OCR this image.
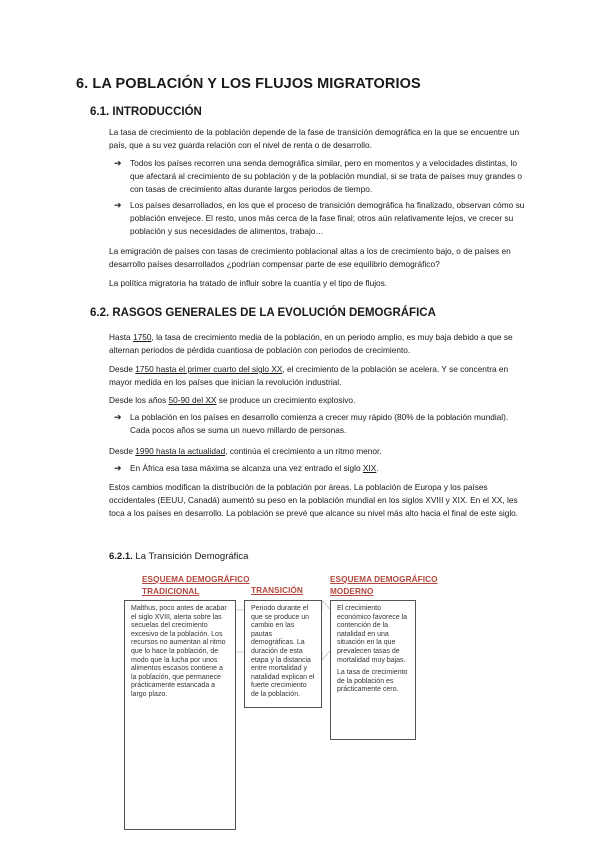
6. LA POBLACIÓN Y LOS FLUJOS MIGRATORIOS
6.1. INTRODUCCIÓN

La tasa de crecimiento de la población depende de la fase de transición demográfica en la que se encuentre un país, que a su vez guarda relación con el nivel de renta o de desarrollo.

➔ Todos los países recorren una senda demográfica similar, pero en momentos y a velocidades distintas, lo que afectará al crecimiento de su población y de la población mundial, si se trata de países muy grandes o con tasas de crecimiento altas durante largos periodos de tiempo.
➔ Los países desarrollados, en los que el proceso de transición demográfica ha finalizado, observan cómo su población envejece. El resto, unos más cerca de la fase final; otros aún relativamente lejos, ve crecer su población y sus necesidades de alimentos, trabajo…

La emigración de países con tasas de crecimiento poblacional altas a los de crecimiento bajo, o de países en desarrollo países desarrollados ¿podrían compensar parte de ese equilibrio demográfico?

La política migratoria ha tratado de influir sobre la cuantía y el tipo de flujos.

6.2. RASGOS GENERALES DE LA EVOLUCIÓN DEMOGRÁFICA

Hasta 1750, la tasa de crecimiento media de la población, en un periodo amplio, es muy baja debido a que se alternan periodos de pérdida cuantiosa de población con periodos de crecimiento.

Desde 1750 hasta el primer cuarto del siglo XX, el crecimiento de la población se acelera. Y se concentra en mayor medida en los países que inician la revolución industrial.

Desde los años 50-90 del XX se produce un crecimiento explosivo.

➔ La población en los países en desarrollo comienza a crecer muy rápido (80% de la población mundial). Cada pocos años se suma un nuevo millardo de personas.

Desde 1990 hasta la actualidad, continúa el crecimiento a un ritmo menor.

➔ En África esa tasa máxima se alcanza una vez entrado el siglo XIX.

Estos cambios modifican la distribución de la población por áreas. La población de Europa y los países occidentales (EEUU, Canadá) aumentó su peso en la población mundial en los siglos XVIII y XIX. En el XX, les toca a los países en desarrollo. La población se prevé que alcance su nivel más alto hacia el final de este siglo.

6.2.1. La Transición Demográfica
ESQUEMA DEMOGRÁFICO
TRADICIONAL	TRANSICIÓN
ESQUEMA DEMOGRÁFICO
MODERNO

Malthus, poco antes de acabar el siglo XVIII, alerta sobre las secuelas del crecimiento excesivo de la población. Los recursos no aumentan al ritmo que lo hace la población, de modo que la lucha por unos alimentos escasos contiene a la población, que permanece prácticamente estancada a largo plazo.

Periodo durante el que se produce un cambio en las pautas demográficas. La duración de esta etapa y la distancia entre mortalidad y natalidad explican el fuerte crecimiento de la población.

El crecimiento económico favorece la contención de la natalidad en una situación en la que prevalecen tasas de mortalidad muy bajas.

La tasa de crecimiento de la población es prácticamente cero.
